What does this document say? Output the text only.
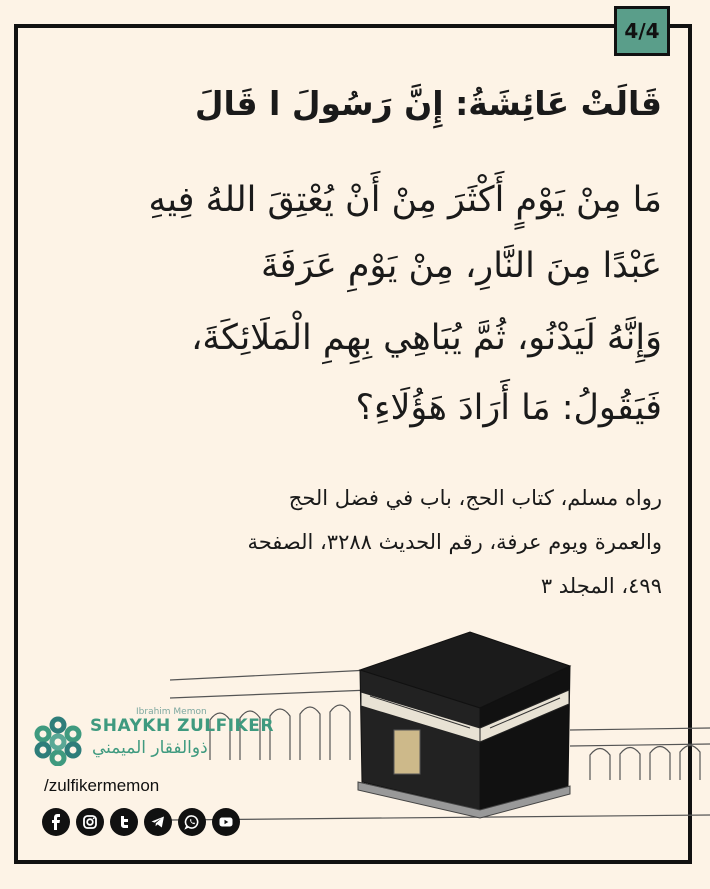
4/4
قَالَتْ عَائِشَةُ: إِنَّ رَسُولَ ا قَالَ
مَا مِنْ يَوْمٍ أَكْثَرَ مِنْ أَنْ يُعْتِقَ اللهُ فِيهِ
عَبْدًا مِنَ النَّارِ، مِنْ يَوْمِ عَرَفَةَ
وَإِنَّهُ لَيَدْنُو، ثُمَّ يُبَاهِي بِهِمِ الْمَلَائِكَةَ،
فَيَقُولُ: مَا أَرَادَ هَؤُلَاءِ؟
رواه مسلم، كتاب الحج، باب في فضل الحج
والعمرة ويوم عرفة، رقم الحديث ٣٢٨٨، الصفحة
٤٩٩، المجلد ٣
Ibrahim Memon
SHAYKH ZULFIKER
ذوالفقار الميمني
/zulfikermemon
